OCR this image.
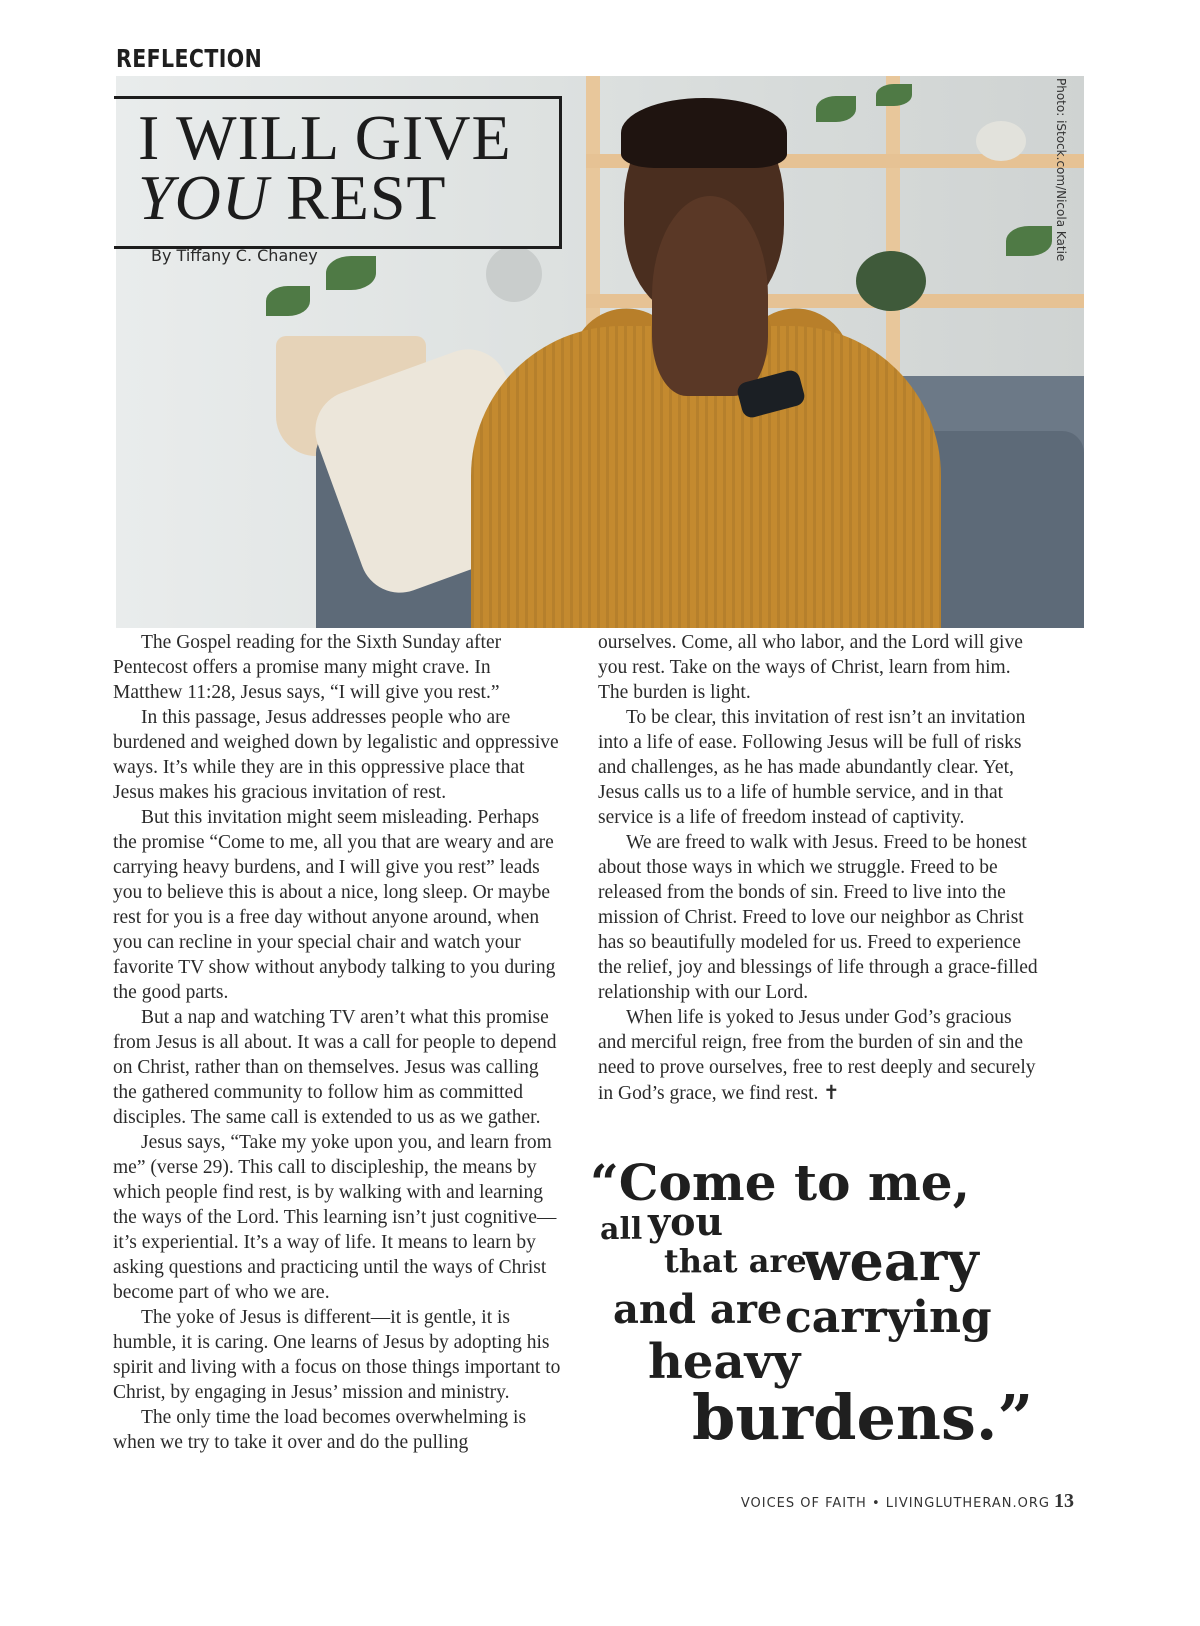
REFLECTION
Photo: iStock.com/Nicola Katie
I WILL GIVE
YOU REST
By Tiffany C. Chaney

The Gospel reading for the Sixth Sunday after Pentecost offers a promise many might crave. In Matthew 11:28, Jesus says, “I will give you rest.”

In this passage, Jesus addresses people who are burdened and weighed down by legalistic and oppressive ways. It’s while they are in this oppressive place that Jesus makes his gracious invitation of rest.

But this invitation might seem misleading. Perhaps the promise “Come to me, all you that are weary and are carrying heavy burdens, and I will give you rest” leads you to believe this is about a nice, long sleep. Or maybe rest for you is a free day without anyone around, when you can recline in your special chair and watch your favorite TV show without anybody talking to you during the good parts.

But a nap and watching TV aren’t what this promise from Jesus is all about. It was a call for people to depend on Christ, rather than on themselves. Jesus was calling the gathered community to follow him as committed disciples. The same call is extended to us as we gather.

Jesus says, “Take my yoke upon you, and learn from me” (verse 29). This call to discipleship, the means by which people find rest, is by walking with and learning the ways of the Lord. This learning isn’t just cognitive—it’s experiential. It’s a way of life. It means to learn by asking questions and practicing until the ways of Christ become part of who we are.

The yoke of Jesus is different—it is gentle, it is humble, it is caring. One learns of Jesus by adopting his spirit and living with a focus on those things important to Christ, by engaging in Jesus’ mission and ministry.

The only time the load becomes overwhelming is when we try to take it over and do the pulling

ourselves. Come, all who labor, and the Lord will give you rest. Take on the ways of Christ, learn from him. The burden is light.

To be clear, this invitation of rest isn’t an invitation into a life of ease. Following Jesus will be full of risks and challenges, as he has made abundantly clear. Yet, Jesus calls us to a life of humble service, and in that service is a life of freedom instead of captivity.

We are freed to walk with Jesus. Freed to be honest about those ways in which we struggle. Freed to be released from the bonds of sin. Freed to live into the mission of Christ. Freed to love our neighbor as Christ has so beautifully modeled for us. Freed to experience the relief, joy and blessings of life through a grace-filled relationship with our Lord.

When life is yoked to Jesus under God’s gracious and merciful reign, free from the burden of sin and the need to prove ourselves, free to rest deeply and securely in God’s grace, we find rest. ✝

“Come to me,
all you
that are
weary
and are carrying
heavy
burdens.”
VOICES OF FAITH • LIVINGLUTHERAN.ORG 13
